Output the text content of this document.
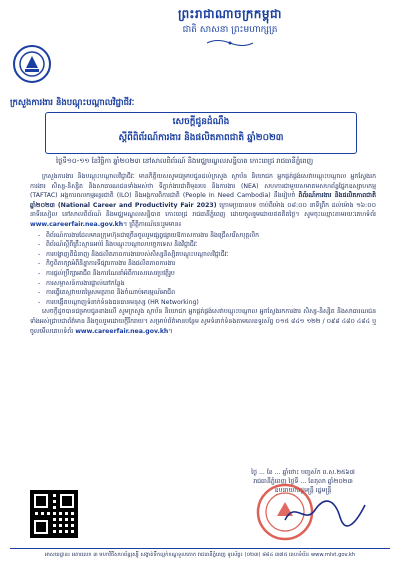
ព្រះរាជាណាចក្រកម្ពុជា
ជាតិ សាសនា ព្រះមហាក្សត្រ
ក្រសួងការងារ និងបណ្តុះបណ្តាលវិជ្ជាជីវៈ
សេចក្តីជូនដំណឹង
ស្តីពីពិព័រណ៍ការងារ និងផលិតភាពជាតិ ឆ្នាំ២០២៣
ថ្ងៃទី១០-១១ ខែវិច្ឆិកា ឆ្នាំ២០២៣ នៅសាលពិព័រណ៍ និងមជ្ឈមណ្ឌលសន្និបាត កោះពេជ្រ រាជធានីភ្នំពេញ

ក្រសួងការងារ និងបណ្តុះបណ្តាលវិជ្ជាជីវៈ មានកិត្តិយសសូមជម្រាបជូនដល់ក្រសួង ស្ថាប័ន និយោជក អ្នកផ្គត់ផ្គង់សេវាបណ្តុះបណ្តាល អ្នកស្វែងរកការងារ សិស្ស-និស្សិត និងសាធារណជនទាំងអស់ថា ទីភ្នាក់ងារជាតិមុខរបរ និងការងារ (NEA) សហការជាមួយសមាគមសហព័ន្ធផ្នែកឧស្សាហកម្ម (TAFTAC) អង្គការពលកម្មអន្តរជាតិ (ILO) និងអង្គការពិការជាតិ (People In Need Cambodia) នឹងរៀបចំ ពិព័រណ៍ការងារ និងផលិតភាពជាតិ ឆ្នាំ២០២៣ (National Career and Productivity Fair 2023) ក្រោមប្រធានបទ ចាប់ពីម៉ោង ០៨:០០ នាទីព្រឹក ដល់ម៉ោង ១៦:០០ នាទីរសៀល នៅសាលពិព័រណ៍ និងមជ្ឈមណ្ឌលសន្និបាត កោះពេជ្រ រាជធានីភ្នំពេញ ដោយចូលរួមដោយឥតគិតថ្លៃ។ សូមចុះឈ្មោះតាមរយៈគេហទំព័រ www.careerfair.nea.gov.kh។ ព្រឹត្តិការណ៍នេះរួមមាន៖

- ពិព័រណ៍ការងារដែលមានក្រុមហ៊ុនជាច្រើនចូលរួមផ្សព្វផ្សាយឱកាសការងារ និងជ្រើសរើសបុគ្គលិក
- ពិព័រណ៍ស្តីពីគ្រឹះស្ថានអប់រំ និងបណ្តុះបណ្តាលបច្ចេកទេស និងវិជ្ជាជីវៈ
- ការបង្ហាញពីជំនាញ និងផលិតភាពការងាររបស់សិស្សនិស្សិតបណ្តុះបណ្តាលវិជ្ជាជីវៈ
- កិច្ចពិភាក្សាអំពីនិន្នាការទីផ្សារការងារ និងផលិតភាពការងារ
- ការផ្តល់ប្រឹក្សាអាជីព និងការណែនាំអំពីការសរសេរប្រវត្តិរូប
- ការសម្ភាសន៍ការងារផ្ទាល់នៅកន្លែង
- ការធ្វើតេស្តវាយតម្លៃសមត្ថភាព និងចំណាប់អារម្មណ៍អាជីព
- ការបង្កើតបណ្តាញទំនាក់ទំនងធនធានមនុស្ស (HR Networking)

សេចក្តីដូចបានជម្រាបជូនខាងលើ សូមក្រសួង ស្ថាប័ន និយោជក អ្នកផ្គត់ផ្គង់សេវាបណ្តុះបណ្តាល អ្នកស្វែងរកការងារ សិស្ស-និស្សិត និងសាធារណជនទាំងអស់ជ្រាបជាព័ត៌មាន និងចូលរួមដោយក្តីរីករាយ។ សម្រាប់ព័ត៌មានបន្ថែម សូមទំនាក់ទំនងតាមលេខទូរស័ព្ទ ០១៥ ៨៤១ ១២២ / ០៩៨ ៤៨០ ៤៨៤ ឬចូលមើលគេហទំព័រ www.careerfair.nea.gov.kh។

ថ្ងៃ ... ខែ ... ឆ្នាំថោះ បញ្ចស័ក ព.ស.២៥៦៧
រាជធានីភ្នំពេញ ថ្ងៃទី ... ខែតុលា ឆ្នាំ២០២៣
ឧបនាយករដ្ឋមន្ត្រី រដ្ឋមន្ត្រី
អាសយដ្ឋាន៖ អគារលេខ ៣ មហាវិថីសហព័ន្ធរុស្ស៊ី សង្កាត់ទឹកល្អក់ខណ្ឌទួលគោក រាជធានីភ្នំពេញ ទូរស័ព្ទ៖ (០២៣) ៨៨៤ ៣៧៥ គេហទំព័រ៖ www.mlvt.gov.kh
